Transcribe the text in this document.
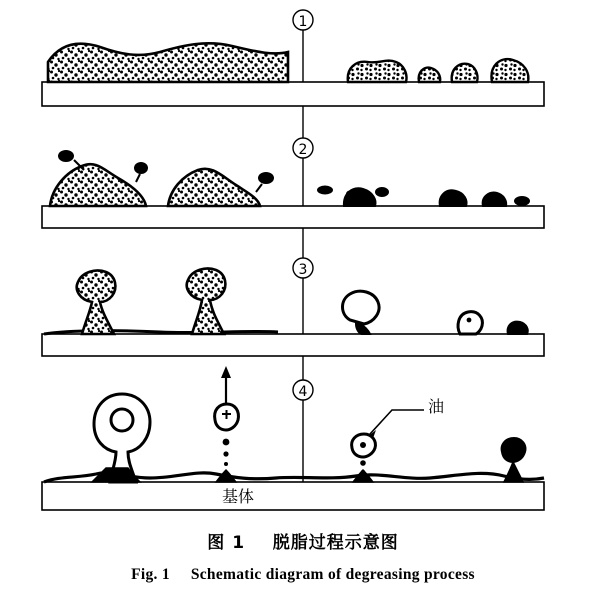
1
2
3
4
基体
油
图 1 脱脂过程示意图
Fig. 1 Schematic diagram of degreasing process
